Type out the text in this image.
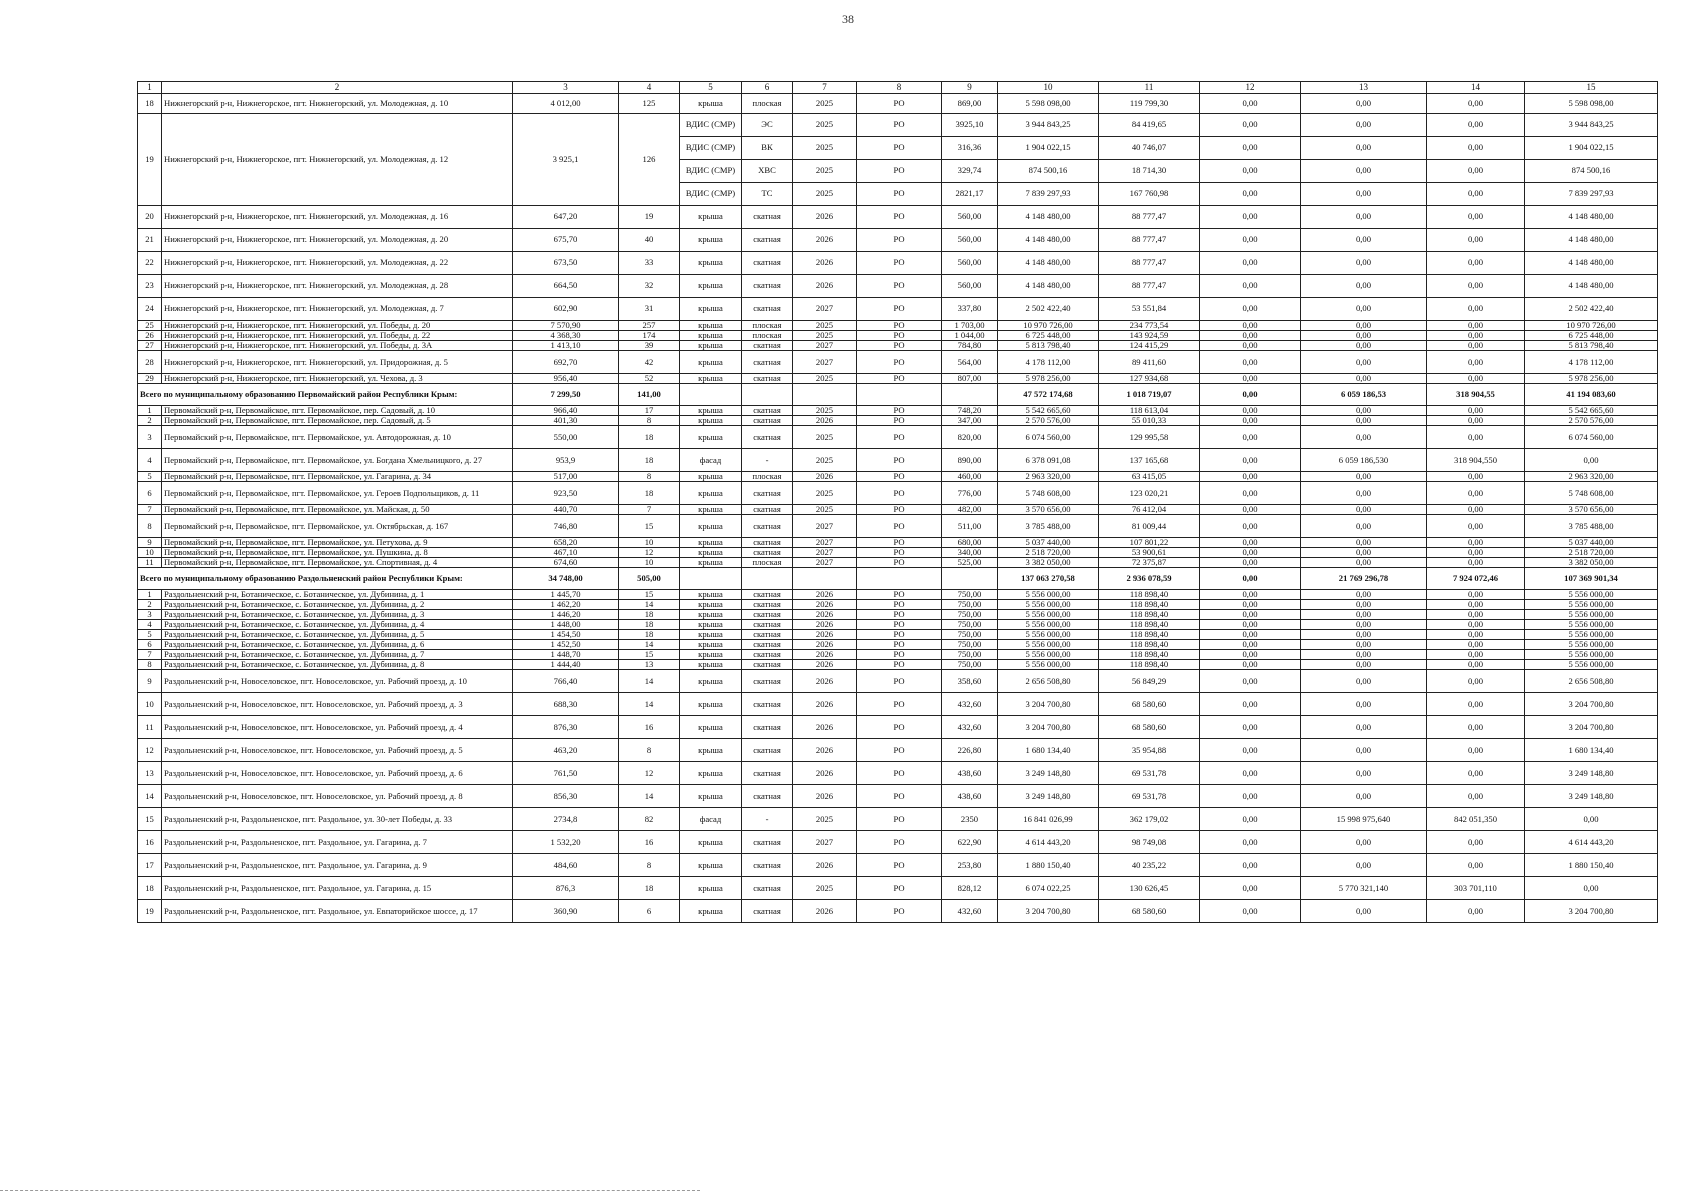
38
1	2	3	4	5	6	7	8	9	10	11	12	13	14	15
18	Нижнегорский р-н, Нижнегорское, пгт. Нижнегорский, ул. Молодежная, д. 10	4 012,00	125	крыша	плоская	2025	РО	869,00	5 598 098,00	119 799,30	0,00	0,00	0,00	5 598 098,00
19	Нижнегорский р-н, Нижнегорское, пгт. Нижнегорский, ул. Молодежная, д. 12	3 925,1	126	ВДИС (СМР)	ЭС	2025	РО	3925,10	3 944 843,25	84 419,65	0,00	0,00	0,00	3 944 843,25
				ВДИС (СМР)	ВК	2025	РО	316,36	1 904 022,15	40 746,07	0,00	0,00	0,00	1 904 022,15
				ВДИС (СМР)	ХВС	2025	РО	329,74	874 500,16	18 714,30	0,00	0,00	0,00	874 500,16
				ВДИС (СМР)	ТС	2025	РО	2821,17	7 839 297,93	167 760,98	0,00	0,00	0,00	7 839 297,93
20	Нижнегорский р-н, Нижнегорское, пгт. Нижнегорский, ул. Молодежная, д. 16	647,20	19	крыша	скатная	2026	РО	560,00	4 148 480,00	88 777,47	0,00	0,00	0,00	4 148 480,00
21	Нижнегорский р-н, Нижнегорское, пгт. Нижнегорский, ул. Молодежная, д. 20	675,70	40	крыша	скатная	2026	РО	560,00	4 148 480,00	88 777,47	0,00	0,00	0,00	4 148 480,00
22	Нижнегорский р-н, Нижнегорское, пгт. Нижнегорский, ул. Молодежная, д. 22	673,50	33	крыша	скатная	2026	РО	560,00	4 148 480,00	88 777,47	0,00	0,00	0,00	4 148 480,00
23	Нижнегорский р-н, Нижнегорское, пгт. Нижнегорский, ул. Молодежная, д. 28	664,50	32	крыша	скатная	2026	РО	560,00	4 148 480,00	88 777,47	0,00	0,00	0,00	4 148 480,00
24	Нижнегорский р-н, Нижнегорское, пгт. Нижнегорский, ул. Молодежная, д. 7	602,90	31	крыша	скатная	2027	РО	337,80	2 502 422,40	53 551,84	0,00	0,00	0,00	2 502 422,40
25	Нижнегорский р-н, Нижнегорское, пгт. Нижнегорский, ул. Победы, д. 20	7 570,90	257	крыша	плоская	2025	РО	1 703,00	10 970 726,00	234 773,54	0,00	0,00	0,00	10 970 726,00
26	Нижнегорский р-н, Нижнегорское, пгт. Нижнегорский, ул. Победы, д. 22	4 368,30	174	крыша	плоская	2025	РО	1 044,00	6 725 448,00	143 924,59	0,00	0,00	0,00	6 725 448,00
27	Нижнегорский р-н, Нижнегорское, пгт. Нижнегорский, ул. Победы, д. 3А	1 413,10	39	крыша	скатная	2027	РО	784,80	5 813 798,40	124 415,29	0,00	0,00	0,00	5 813 798,40
28	Нижнегорский р-н, Нижнегорское, пгт. Нижнегорский, ул. Придорожная, д. 5	692,70	42	крыша	скатная	2027	РО	564,00	4 178 112,00	89 411,60	0,00	0,00	0,00	4 178 112,00
29	Нижнегорский р-н, Нижнегорское, пгт. Нижнегорский, ул. Чехова, д. 3	956,40	52	крыша	скатная	2025	РО	807,00	5 978 256,00	127 934,68	0,00	0,00	0,00	5 978 256,00
Всего по муниципальному образованию Первомайский район Республики Крым:		7 299,50	141,00						47 572 174,68	1 018 719,07	0,00	6 059 186,53	318 904,55	41 194 083,60
1	Первомайский р-н, Первомайское, пгт. Первомайское, пер. Садовый, д. 10	966,40	17	крыша	скатная	2025	РО	748,20	5 542 665,60	118 613,04	0,00	0,00	0,00	5 542 665,60
2	Первомайский р-н, Первомайское, пгт. Первомайское, пер. Садовый, д. 5	401,30	8	крыша	скатная	2026	РО	347,00	2 570 576,00	55 010,33	0,00	0,00	0,00	2 570 576,00
3	Первомайский р-н, Первомайское, пгт. Первомайское, ул. Автодорожная, д. 10	550,00	18	крыша	скатная	2025	РО	820,00	6 074 560,00	129 995,58	0,00	0,00	0,00	6 074 560,00
4	Первомайский р-н, Первомайское, пгт. Первомайское, ул. Богдана Хмельницкого, д. 27	953,9	18	фасад	-	2025	РО	890,00	6 378 091,08	137 165,68	0,00	6 059 186,530	318 904,550	0,00
5	Первомайский р-н, Первомайское, пгт. Первомайское, ул. Гагарина, д. 34	517,00	8	крыша	плоская	2026	РО	460,00	2 963 320,00	63 415,05	0,00	0,00	0,00	2 963 320,00
6	Первомайский р-н, Первомайское, пгт. Первомайское, ул. Героев Подпольщиков, д. 11	923,50	18	крыша	скатная	2025	РО	776,00	5 748 608,00	123 020,21	0,00	0,00	0,00	5 748 608,00
7	Первомайский р-н, Первомайское, пгт. Первомайское, ул. Майская, д. 50	440,70	7	крыша	скатная	2025	РО	482,00	3 570 656,00	76 412,04	0,00	0,00	0,00	3 570 656,00
8	Первомайский р-н, Первомайское, пгт. Первомайское, ул. Октябрьская, д. 167	746,80	15	крыша	скатная	2027	РО	511,00	3 785 488,00	81 009,44	0,00	0,00	0,00	3 785 488,00
9	Первомайский р-н, Первомайское, пгт. Первомайское, ул. Петухова, д. 9	658,20	10	крыша	скатная	2027	РО	680,00	5 037 440,00	107 801,22	0,00	0,00	0,00	5 037 440,00
10	Первомайский р-н, Первомайское, пгт. Первомайское, ул. Пушкина, д. 8	467,10	12	крыша	скатная	2027	РО	340,00	2 518 720,00	53 900,61	0,00	0,00	0,00	2 518 720,00
11	Первомайский р-н, Первомайское, пгт. Первомайское, ул. Спортивная, д. 4	674,60	10	крыша	плоская	2027	РО	525,00	3 382 050,00	72 375,87	0,00	0,00	0,00	3 382 050,00
Всего по муниципальному образованию Раздольненский район Республики Крым:		34 748,00	505,00						137 063 270,58	2 936 078,59	0,00	21 769 296,78	7 924 072,46	107 369 901,34
1	Раздольненский р-н, Ботаническое, с. Ботаническое, ул. Дубинина, д. 1	1 445,70	15	крыша	скатная	2026	РО	750,00	5 556 000,00	118 898,40	0,00	0,00	0,00	5 556 000,00
2	Раздольненский р-н, Ботаническое, с. Ботаническое, ул. Дубинина, д. 2	1 462,20	14	крыша	скатная	2026	РО	750,00	5 556 000,00	118 898,40	0,00	0,00	0,00	5 556 000,00
3	Раздольненский р-н, Ботаническое, с. Ботаническое, ул. Дубинина, д. 3	1 446,20	18	крыша	скатная	2026	РО	750,00	5 556 000,00	118 898,40	0,00	0,00	0,00	5 556 000,00
4	Раздольненский р-н, Ботаническое, с. Ботаническое, ул. Дубинина, д. 4	1 448,00	18	крыша	скатная	2026	РО	750,00	5 556 000,00	118 898,40	0,00	0,00	0,00	5 556 000,00
5	Раздольненский р-н, Ботаническое, с. Ботаническое, ул. Дубинина, д. 5	1 454,50	18	крыша	скатная	2026	РО	750,00	5 556 000,00	118 898,40	0,00	0,00	0,00	5 556 000,00
6	Раздольненский р-н, Ботаническое, с. Ботаническое, ул. Дубинина, д. 6	1 452,50	14	крыша	скатная	2026	РО	750,00	5 556 000,00	118 898,40	0,00	0,00	0,00	5 556 000,00
7	Раздольненский р-н, Ботаническое, с. Ботаническое, ул. Дубинина, д. 7	1 448,70	15	крыша	скатная	2026	РО	750,00	5 556 000,00	118 898,40	0,00	0,00	0,00	5 556 000,00
8	Раздольненский р-н, Ботаническое, с. Ботаническое, ул. Дубинина, д. 8	1 444,40	13	крыша	скатная	2026	РО	750,00	5 556 000,00	118 898,40	0,00	0,00	0,00	5 556 000,00
9	Раздольненский р-н, Новоселовское, пгт. Новоселовское, ул. Рабочий проезд, д. 10	766,40	14	крыша	скатная	2026	РО	358,60	2 656 508,80	56 849,29	0,00	0,00	0,00	2 656 508,80
10	Раздольненский р-н, Новоселовское, пгт. Новоселовское, ул. Рабочий проезд, д. 3	688,30	14	крыша	скатная	2026	РО	432,60	3 204 700,80	68 580,60	0,00	0,00	0,00	3 204 700,80
11	Раздольненский р-н, Новоселовское, пгт. Новоселовское, ул. Рабочий проезд, д. 4	876,30	16	крыша	скатная	2026	РО	432,60	3 204 700,80	68 580,60	0,00	0,00	0,00	3 204 700,80
12	Раздольненский р-н, Новоселовское, пгт. Новоселовское, ул. Рабочий проезд, д. 5	463,20	8	крыша	скатная	2026	РО	226,80	1 680 134,40	35 954,88	0,00	0,00	0,00	1 680 134,40
13	Раздольненский р-н, Новоселовское, пгт. Новоселовское, ул. Рабочий проезд, д. 6	761,50	12	крыша	скатная	2026	РО	438,60	3 249 148,80	69 531,78	0,00	0,00	0,00	3 249 148,80
14	Раздольненский р-н, Новоселовское, пгт. Новоселовское, ул. Рабочий проезд, д. 8	856,30	14	крыша	скатная	2026	РО	438,60	3 249 148,80	69 531,78	0,00	0,00	0,00	3 249 148,80
15	Раздольненский р-н, Раздольненское, пгт. Раздольное, ул. 30-лет Победы, д. 33	2734,8	82	фасад	-	2025	РО	2350	16 841 026,99	362 179,02	0,00	15 998 975,640	842 051,350	0,00
16	Раздольненский р-н, Раздольненское, пгт. Раздольное, ул. Гагарина, д. 7	1 532,20	16	крыша	скатная	2027	РО	622,90	4 614 443,20	98 749,08	0,00	0,00	0,00	4 614 443,20
17	Раздольненский р-н, Раздольненское, пгт. Раздольное, ул. Гагарина, д. 9	484,60	8	крыша	скатная	2026	РО	253,80	1 880 150,40	40 235,22	0,00	0,00	0,00	1 880 150,40
18	Раздольненский р-н, Раздольненское, пгт. Раздольное, ул. Гагарина, д. 15	876,3	18	крыша	скатная	2025	РО	828,12	6 074 022,25	130 626,45	0,00	5 770 321,140	303 701,110	0,00
19	Раздольненский р-н, Раздольненское, пгт. Раздольное, ул. Евпаторийское шоссе, д. 17	360,90	6	крыша	скатная	2026	РО	432,60	3 204 700,80	68 580,60	0,00	0,00	0,00	3 204 700,80
